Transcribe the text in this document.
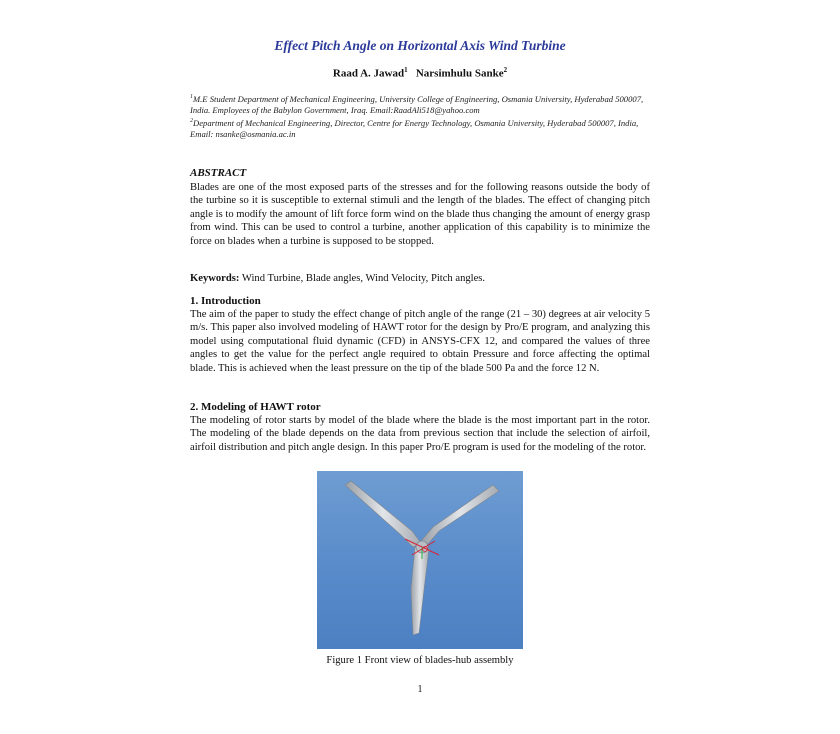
Effect Pitch Angle on Horizontal Axis Wind Turbine
Raad A. Jawad$^1$ Narsimhulu Sanke$^2$
$^1$M.E Student Department of Mechanical Engineering, University College of Engineering, Osmania University, Hyderabad 500007, India. Employees of the Babylon Government, Iraq. Email:RaadAli518@yahoo.com
$^2$Department of Mechanical Engineering, Director, Centre for Energy Technology, Osmania University, Hyderabad 500007, India, Email: nsanke@osmania.ac.in
ABSTRACT
Blades are one of the most exposed parts of the stresses and for the following reasons outside the body of the turbine so it is susceptible to external stimuli and the length of the blades. The effect of changing pitch angle is to modify the amount of lift force form wind on the blade thus changing the amount of energy grasp from wind. This can be used to control a turbine, another application of this capability is to minimize the force on blades when a turbine is supposed to be stopped.
Keywords: Wind Turbine, Blade angles, Wind Velocity, Pitch angles.
1. Introduction
The aim of the paper to study the effect change of pitch angle of the range (21 – 30) degrees at air velocity 5 m/s. This paper also involved modeling of HAWT rotor for the design by Pro/E program, and analyzing this model using computational fluid dynamic (CFD) in ANSYS-CFX 12, and compared the values of three angles to get the value for the perfect angle required to obtain Pressure and force affecting the optimal blade. This is achieved when the least pressure on the tip of the blade 500 Pa and the force 12 N.
2. Modeling of HAWT rotor
The modeling of rotor starts by model of the blade where the blade is the most important part in the rotor. The modeling of the blade depends on the data from previous section that include the selection of airfoil, airfoil distribution and pitch angle design. In this paper Pro/E program is used for the modeling of the rotor.
Figure 1 Front view of blades-hub assembly
1
